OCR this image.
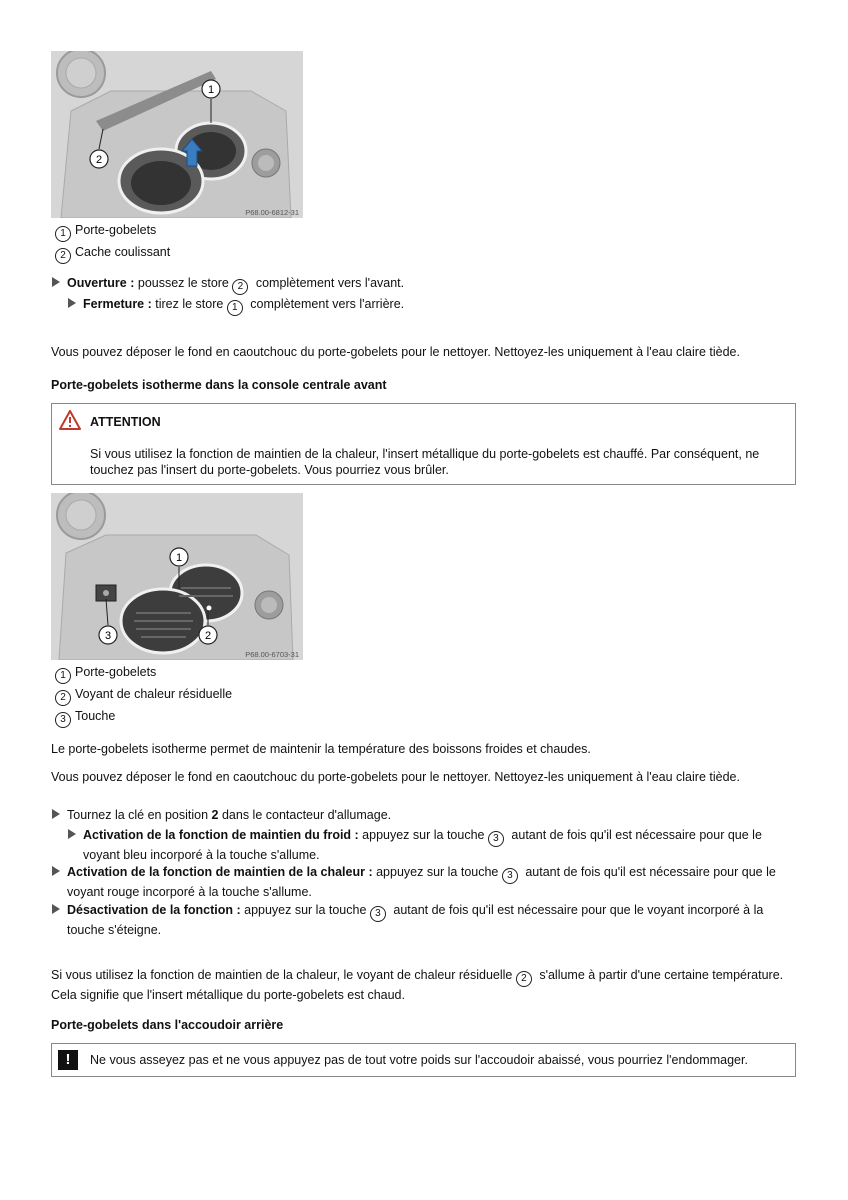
1
2
P68.00-6812-31
1 Porte-gobelets
2 Cache coulissant
Ouverture : poussez le store 2 complètement vers l'avant.
Fermeture : tirez le store 1 complètement vers l'arrière.
Vous pouvez déposer le fond en caoutchouc du porte-gobelets pour le nettoyer. Nettoyez-les uniquement à l'eau claire tiède.
Porte-gobelets isotherme dans la console centrale avant
ATTENTION
Si vous utilisez la fonction de maintien de la chaleur, l'insert métallique du porte-gobelets est chauffé. Par conséquent, ne touchez pas l'insert du porte-gobelets. Vous pourriez vous brûler.
1
2
3
P68.00-6703-31
1 Porte-gobelets
2 Voyant de chaleur résiduelle
3 Touche
Le porte-gobelets isotherme permet de maintenir la température des boissons froides et chaudes.
Vous pouvez déposer le fond en caoutchouc du porte-gobelets pour le nettoyer. Nettoyez-les uniquement à l'eau claire tiède.
Tournez la clé en position 2 dans le contacteur d'allumage.
Activation de la fonction de maintien du froid : appuyez sur la touche 3 autant de fois qu'il est nécessaire pour que le
voyant bleu incorporé à la touche s'allume.
Activation de la fonction de maintien de la chaleur : appuyez sur la touche 3 autant de fois qu'il est nécessaire pour que le
voyant rouge incorporé à la touche s'allume.
Désactivation de la fonction : appuyez sur la touche 3 autant de fois qu'il est nécessaire pour que le voyant incorporé à la
touche s'éteigne.
Si vous utilisez la fonction de maintien de la chaleur, le voyant de chaleur résiduelle 2 s'allume à partir d'une certaine température.
Cela signifie que l'insert métallique du porte-gobelets est chaud.
Porte-gobelets dans l'accoudoir arrière
!	Ne vous asseyez pas et ne vous appuyez pas de tout votre poids sur l'accoudoir abaissé, vous pourriez l'endommager.
